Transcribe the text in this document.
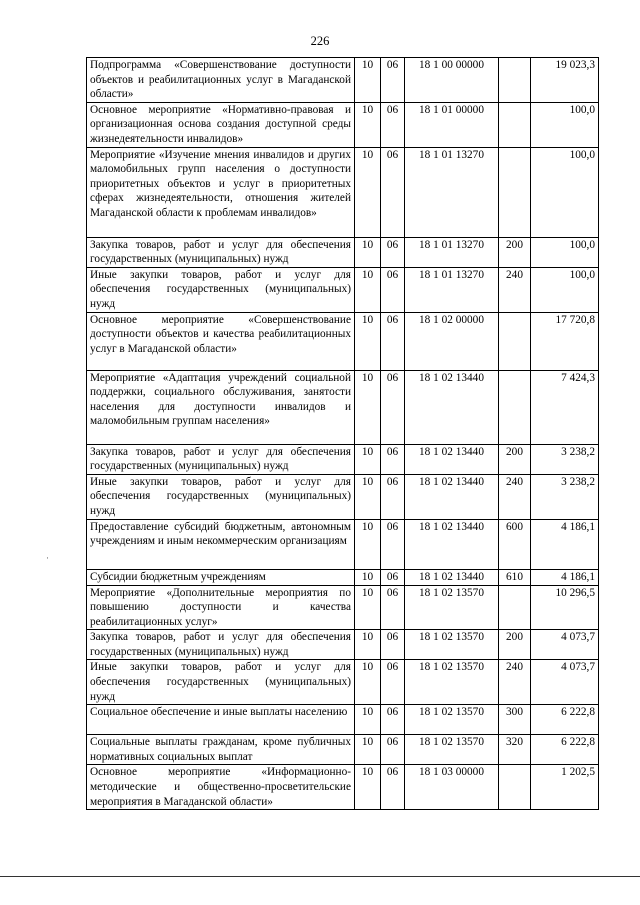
226
Подпрограмма «Совершенствование доступности объектов и реабилитационных услуг в Магаданской области»	10	06	18 1 00 00000		19 023,3
Основное мероприятие «Нормативно-правовая и организационная основа создания доступной среды жизнедеятельности инвалидов»	10	06	18 1 01 00000		100,0
Мероприятие «Изучение мнения инвалидов и других маломобильных групп населения о доступности приоритетных объектов и услуг в приоритетных сферах жизнедеятельности, отношения жителей Магаданской области к проблемам инвалидов»	10	06	18 1 01 13270		100,0
Закупка товаров, работ и услуг для обеспечения государственных (муниципальных) нужд	10	06	18 1 01 13270	200	100,0
Иные закупки товаров, работ и услуг для обеспечения государственных (муниципальных) нужд	10	06	18 1 01 13270	240	100,0
Основное мероприятие «Совершенствование доступности объектов и качества реабилитационных услуг в Магаданской области»	10	06	18 1 02 00000		17 720,8
Мероприятие «Адаптация учреждений социальной поддержки, социального обслуживания, занятости населения для доступности инвалидов и маломобильным группам населения»	10	06	18 1 02 13440		7 424,3
Закупка товаров, работ и услуг для обеспечения государственных (муниципальных) нужд	10	06	18 1 02 13440	200	3 238,2
Иные закупки товаров, работ и услуг для обеспечения государственных (муниципальных) нужд	10	06	18 1 02 13440	240	3 238,2
Предоставление субсидий бюджетным, автономным учреждениям и иным некоммерческим организациям	10	06	18 1 02 13440	600	4 186,1
Субсидии бюджетным учреждениям	10	06	18 1 02 13440	610	4 186,1
Мероприятие «Дополнительные мероприятия по повышению доступности и качества реабилитационных услуг»	10	06	18 1 02 13570		10 296,5
Закупка товаров, работ и услуг для обеспечения государственных (муниципальных) нужд	10	06	18 1 02 13570	200	4 073,7
Иные закупки товаров, работ и услуг для обеспечения государственных (муниципальных) нужд	10	06	18 1 02 13570	240	4 073,7
Социальное обеспечение и иные выплаты населению	10	06	18 1 02 13570	300	6 222,8
Социальные выплаты гражданам, кроме публичных нормативных социальных выплат	10	06	18 1 02 13570	320	6 222,8
Основное мероприятие «Информационно-методические и общественно-просветительские мероприятия в Магаданской области»	10	06	18 1 03 00000		1 202,5
·
